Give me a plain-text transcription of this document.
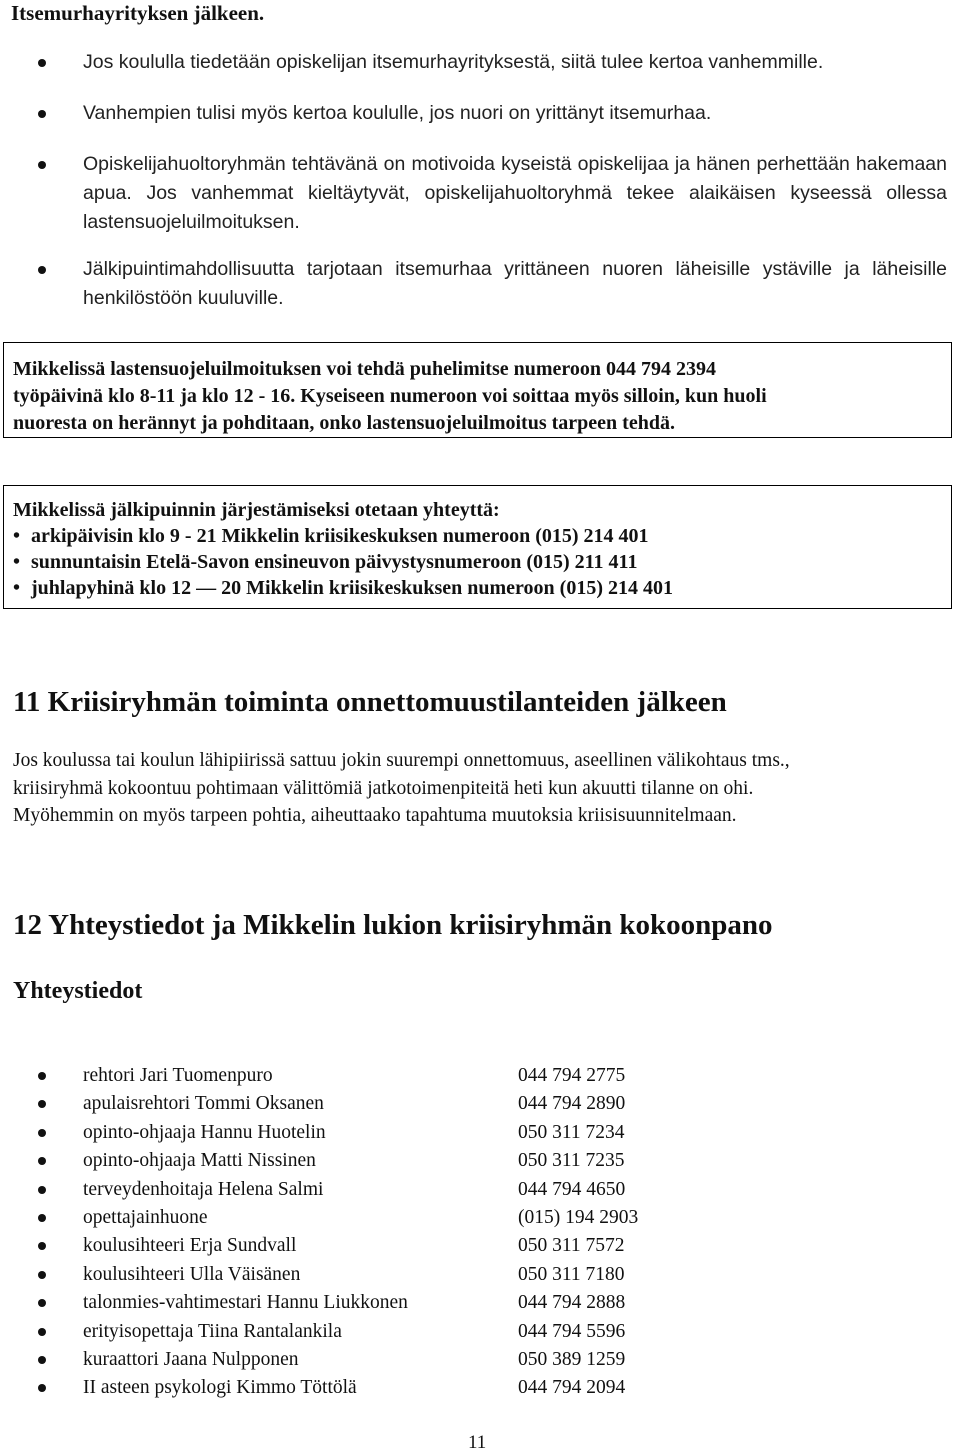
Itsemurhayrityksen jälkeen.
Jos koululla tiedetään opiskelijan itsemurhayrityksestä, siitä tulee kertoa vanhemmille.
Vanhempien tulisi myös kertoa koululle, jos nuori on yrittänyt itsemurhaa.
Opiskelijahuoltoryhmän tehtävänä on motivoida kyseistä opiskelijaa ja hänen perhettään hakemaan apua. Jos vanhemmat kieltäytyvät, opiskelijahuoltoryhmä tekee alaikäisen kyseessä ollessa lastensuojeluilmoituksen.
Jälkipuintimahdollisuutta tarjotaan itsemurhaa yrittäneen nuoren läheisille ystäville ja läheisille henkilöstöön kuuluville.
Mikkelissä lastensuojeluilmoituksen voi tehdä puhelimitse numeroon 044 794 2394
työpäivinä klo 8-11 ja klo 12 - 16. Kyseiseen numeroon voi soittaa myös silloin, kun huoli
nuoresta on herännyt ja pohditaan, onko lastensuojeluilmoitus tarpeen tehdä.
Mikkelissä jälkipuinnin järjestämiseksi otetaan yhteyttä:
• arkipäivisin klo 9 - 21 Mikkelin kriisikeskuksen numeroon (015) 214 401
• sunnuntaisin Etelä-Savon ensineuvon päivystysnumeroon (015) 211 411
• juhlapyhinä klo 12 — 20 Mikkelin kriisikeskuksen numeroon (015) 214 401
11 Kriisiryhmän toiminta onnettomuustilanteiden jälkeen
Jos koulussa tai koulun lähipiirissä sattuu jokin suurempi onnettomuus, aseellinen välikohtaus tms.,
kriisiryhmä kokoontuu pohtimaan välittömiä jatkotoimenpiteitä heti kun akuutti tilanne on ohi.
Myöhemmin on myös tarpeen pohtia, aiheuttaako tapahtuma muutoksia kriisisuunnitelmaan.
12 Yhteystiedot ja Mikkelin lukion kriisiryhmän kokoonpano
Yhteystiedot
rehtori Jari Tuomenpuro	044 794 2775
apulaisrehtori Tommi Oksanen	044 794 2890
opinto-ohjaaja Hannu Huotelin	050 311 7234
opinto-ohjaaja Matti Nissinen	050 311 7235
terveydenhoitaja Helena Salmi	044 794 4650
opettajainhuone	(015) 194 2903
koulusihteeri Erja Sundvall	050 311 7572
koulusihteeri Ulla Väisänen	050 311 7180
talonmies-vahtimestari Hannu Liukkonen	044 794 2888
erityisopettaja Tiina Rantalankila	044 794 5596
kuraattori Jaana Nulpponen	050 389 1259
II asteen psykologi Kimmo Töttölä	044 794 2094
11
